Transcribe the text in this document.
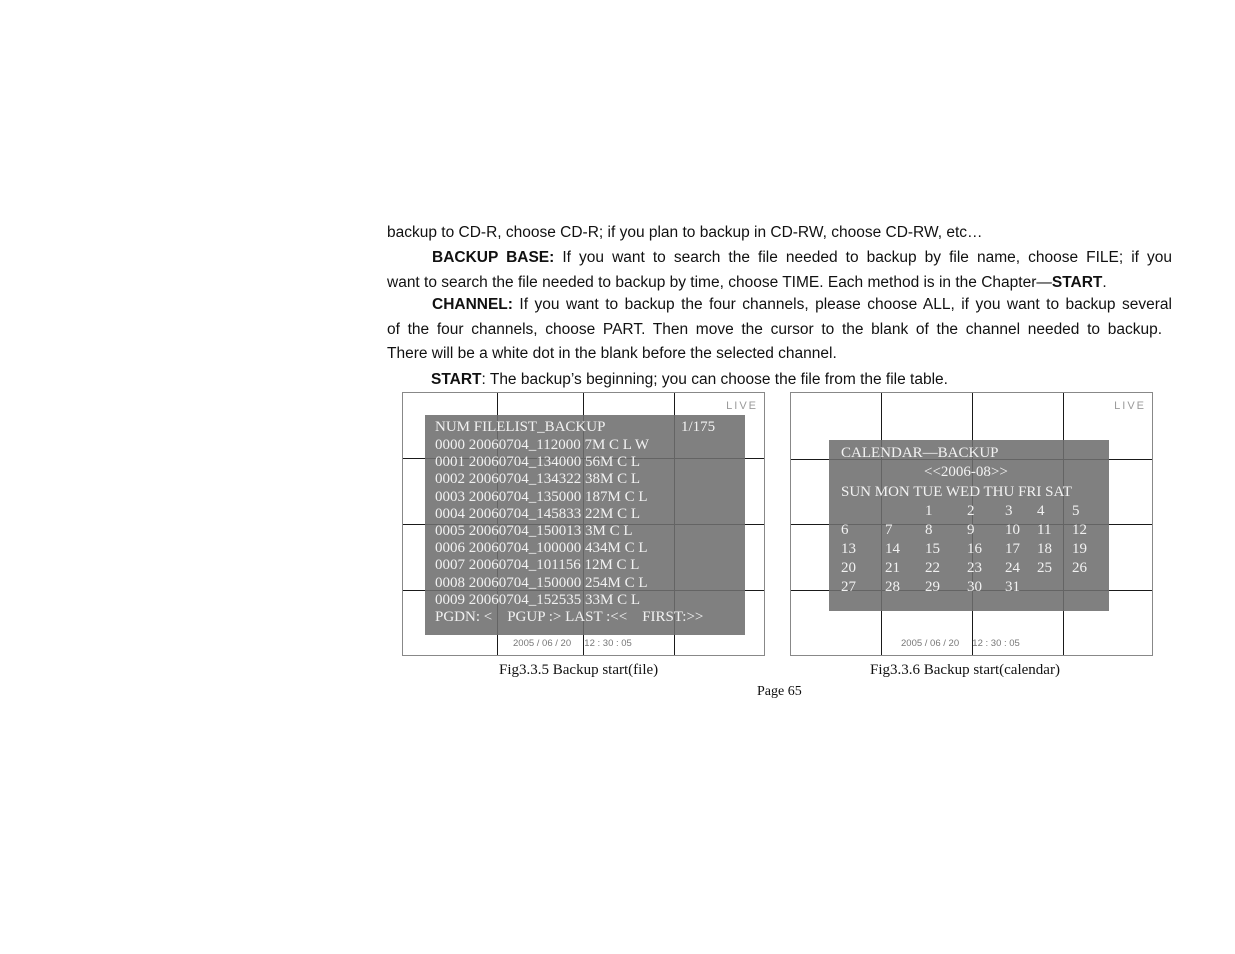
backup to CD-R, choose CD-R; if you plan to backup in CD-RW, choose CD-RW, etc…
BACKUP BASE: If you want to search the file needed to backup by file name, choose FILE; if you
want to search the file needed to backup by time, choose TIME. Each method is in the Chapter—START.
CHANNEL: If you want to backup the four channels, please choose ALL, if you want to backup several
of the four channels, choose PART. Then move the cursor to the blank of the channel needed to backup.
There will be a white dot in the blank before the selected channel.
START: The backup’s beginning; you can choose the file from the file table.
LIVE
NUM FILELIST_BACKUP	1/175
0000 20060704_112000 7M C L W
0001 20060704_134000 56M C L
0002 20060704_134322 38M C L
0003 20060704_135000 187M C L
0004 20060704_145833 22M C L
0005 20060704_150013 3M C L
0006 20060704_100000 434M C L
0007 20060704_101156 12M C L
0008 20060704_150000 254M C L
0009 20060704_152535 33M C L
PGDN: <    PGUP :> LAST :<<    FIRST:>>
2005 / 06 / 20     12 : 30 : 05
Fig3.3.5 Backup start(file)
LIVE
CALENDAR—BACKUP
<<2006-08>>
SUN MON TUE WED THU FRI SAT
1 2 3 4 5
6 7 8 9 10 11 12
13 14 15 16 17 18 19
20 21 22 23 24 25 26
27 28 29 30 31
2005 / 06 / 20     12 : 30 : 05
Fig3.3.6 Backup start(calendar)
Page 65
